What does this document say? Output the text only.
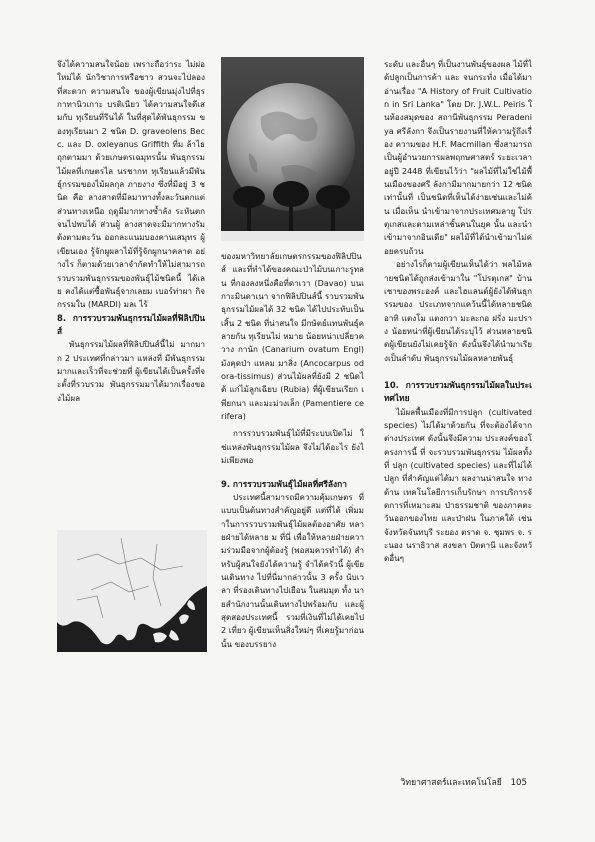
จึงได้ความสนใจน้อย เพราะถือว่าระ ไม่ผ่อใหม่ได้ นักวิชาการหรือชาว สวนจะไปลองที่สะดวก ความสนใจ ของผู้เขียนมุ่งไปที่ธุรกาทานิวเกาะ บรติเนียว ได้ความสนใจดีเสมกับ ทุเรียนที่รีนได้ ในที่สุดได้พันธุกรรม ของทุเรียนมา 2 ชนิด D. graveolens Becc. และ D. oxleyanus Griffith ที่ม ล้าไธ ถุกตามมา ด้วยเกษตรเฉมุทรนั้น พันธุกรรมไม้ผลที่เกษตรไล นรชากท ทุเรียนแล้วมีพันธุ์กรรมของไม้ผลกุล ภายงาง ซึ่งที่มีอยู่ 3 ชนิด คือ ลางสาดที่มีลมาทางทั้งละวันตกแต่ ส่วนทางเหนือ ฤดูมีมากทางซ้ำลัง ระหันตกจนไปพบได้ ส่วนผู้ ลางสาดจะมีมากทางรัมด้งตามตะวัน ออกละแนมบองคานเสมุทร ผู้เขียนเอง รู้จักผูผลาไม้ที่รู้จักผูกนาคลาด อย่างไร ก็ตามด้วยเวลาจำกัดทำให้ไม่สามารถ รวบรวมพันธุกรรมของพันธุ์ไม้ชนิดนี้ ได้เลย คงได้แต่ซื้อพันธุ์จากเลยม เบอร์ท่าผา กิจกรรมใน (MARDI) มลเ ไร้

8. การรวบรวมพันธุกรรมไม้ผลที่ฟิลิปปินส์

พันธุกรรมไม้ผลที่ฟิลิปปินส์นี้ไม่ มากมาก 2 ประเทศที่กล่าวมา แหล่งที่ มีพันธุกรรมมากและเร็วที่จะช่วยที่ ผู้เขียนได้เป็นครั้งที่จะตั้งที่รวบรวม พันธุกรรมมาได้มากเรื่องของไม้ผล

ของมหาวิทยาลัยเกษตรกรรมของฟิลิปปินส์ และที่ทำได้ของคณะป่าไม้บนเกาะรูทลน ที่กองลงหนึ่งคือที่ดาเวา (Davao) บนเกาะมินดาเนา จากฟิลิปปินส์นี้ รวบรวมพันธุกรรมไม้ผลได้ 32 ชนิด ได้ไปประทับเป็นเสิ้น 2 ชนิด ที่น่าสนใจ มีกษัตย์แทนพันธุ์คลายกัน ทุเรียนไม่ หมาย น้อยหน่าเปลี่ยวควาง กานัก (Canarium ovatum Engl) มังคุดป่า แหลม มาสิ่ง (Ancocarpus odora-tissimus) ส่วนไม้ผลที่ยังมี 2 ชนิดได้ แก่ไม้ลูกเฉียบ (Rubia) ที่ผู้เขียนเรียก เพียกนา และมะม่วงเล็ก (Pamentiere cerifera)

การรวบรวมพันธุ์ไม้ที่มีระบบเปิดไม่ ใช่แหล่งพันธุกรรมไม้ผล จึงไม่ได้อะไร ยังไม่เพียงพอ

9. การรวบรวมพันธุ์ไม้ผลที่ศรีลังกา

ประเทศนี้สามารถมีความคุ้มเกษตร ที่แบบเป็นต้นทางสำคัญอยู่ดี แต่ที่ได้ เพิ่มมาในการรวบรวมพันธุ์ไม้ผลต้องอาศัย หลายฝ่ายได้หลาย ม ที่นี่ เพื่อให้หลายฝ่ายความร่วมมือจากผู้ต้องรู้ (พอสมควรทำได้) สำหรับผู้สนใจยังได้ความรู้ จำได้ครัวนี้ ผู้เขียนเดินทาง ไปที่นี่มากล่าวนั้น 3 ครั้ง นับเวลา ที่รองเดินทางไปเยือน ในสมมุต ทั้ง นายสำนักงานนั้นเดินทางไปพร้อมกับ และผู้สุดสองประเทศนี้ รวมที่เงินที่ไม่ได้เคยไป 2 เที่ยว ผู้เขียนเห็นสิ่งใหม่ๆ ที่เคยรู้มาก่อนนั้น ของบรรยาง

ระดับ และอื่นๆ ที่เป็นงานพันธุ์ของผล ไม้ที่ได้ปลูกเป็นการค้า และ จนกระทั่ง เมื่อได้มาอ่านเรื่อง "A History of Fruit Cultivation in Sri Lanka" โดย Dr. J.W.L. Peiris ในห้องสมุดของ สถานีพันธุกรรม Peradeniya ศรีลังกา จึงเป็นรายงานที่ให้ความรู้ถึงเรื่อง ความของ H.F. Macmillan ซึ่งสามารถ เป็นผู้อำนวยการผลพฤกษศาสตร์ ระยะเวลาอยู่ปี 2448 ที่เขียนไว้ว่า "ผลไม้ที่ไม่ใช่ไม้พื้นเมืองของศรี ลังกามีมากมายกว่า 12 ชนิดเท่านั้นที่ เป็นชนิดที่เห็นได้ง่ายเช่นและไม่ค้น เมื่อเห็น นำเข้ามาจากประเทศมลายู โปรตุเกสและตามเหล่าชั้นคนในยุค นั้น และนำเข้ามาจากอินเดีย" ผลไม้ที่ได้นำเข้ามาไม่ค่อยครบถ้วน

อย่างไรก็ตามผู้เขียนเห็นได้ว่า พลไม้หลายชนิดได้ถูกส่งเข้ามาใน "โปรตุเกส" บ้านเชาของพระองค์ และไฮแลนด์ผู้ยังได้พันธุกรรมของ ประเภทจากแคว้นนี้ได้หลายชนิด อาทิ แตงโม แตงกวา มะละกอ ฝรั่ง มะปราง น้อยหน่าที่ผู้เขียนได้ระบุไว้ ส่วนหลายชนิดผู้เขียนยังไม่เคยรู้จัก ดังนั้นจึงได้นำมาเรียงเป็นลำดับ พันธุกรรมไม้ผลหลายพันธุ์

10. การรวบรวมพันธุกรรมไม้ผลในประเทศไทย

ไม้ผลพื้นเมืองที่มีการปลูก (cultivated species) ไม่ได้มาด้วยกัน ที่จะต้องได้จากต่างประเทศ ดังนั้นจึงมีความ ประสงค์ของโครงการนี้ ที่ จะรวบรวมพันธุกรรม ไม้ผลทั้งที่ ปลูก (cultivated species) และที่ไม่ได้ปลูก ที่สำคัญแต่ได้มา ผลงานน่าสนใจ ทางด้าน เทคโนโลยีการเก็บรักษา การบริการจัดการที่เหมาะสม ป่าธรรมชาติ ของภาคตะวันออกของไทย และป่าฝน ในภาคใต้ เช่น จังหวัดจันทบุรี ระยอง ตราด จ. ชุมพร จ. ระนอง นราธิวาส สงขลา ปัตตานี และจังหวัดอื่นๆ

วิทยาศาสตร์และเทคโนโลยี 105
